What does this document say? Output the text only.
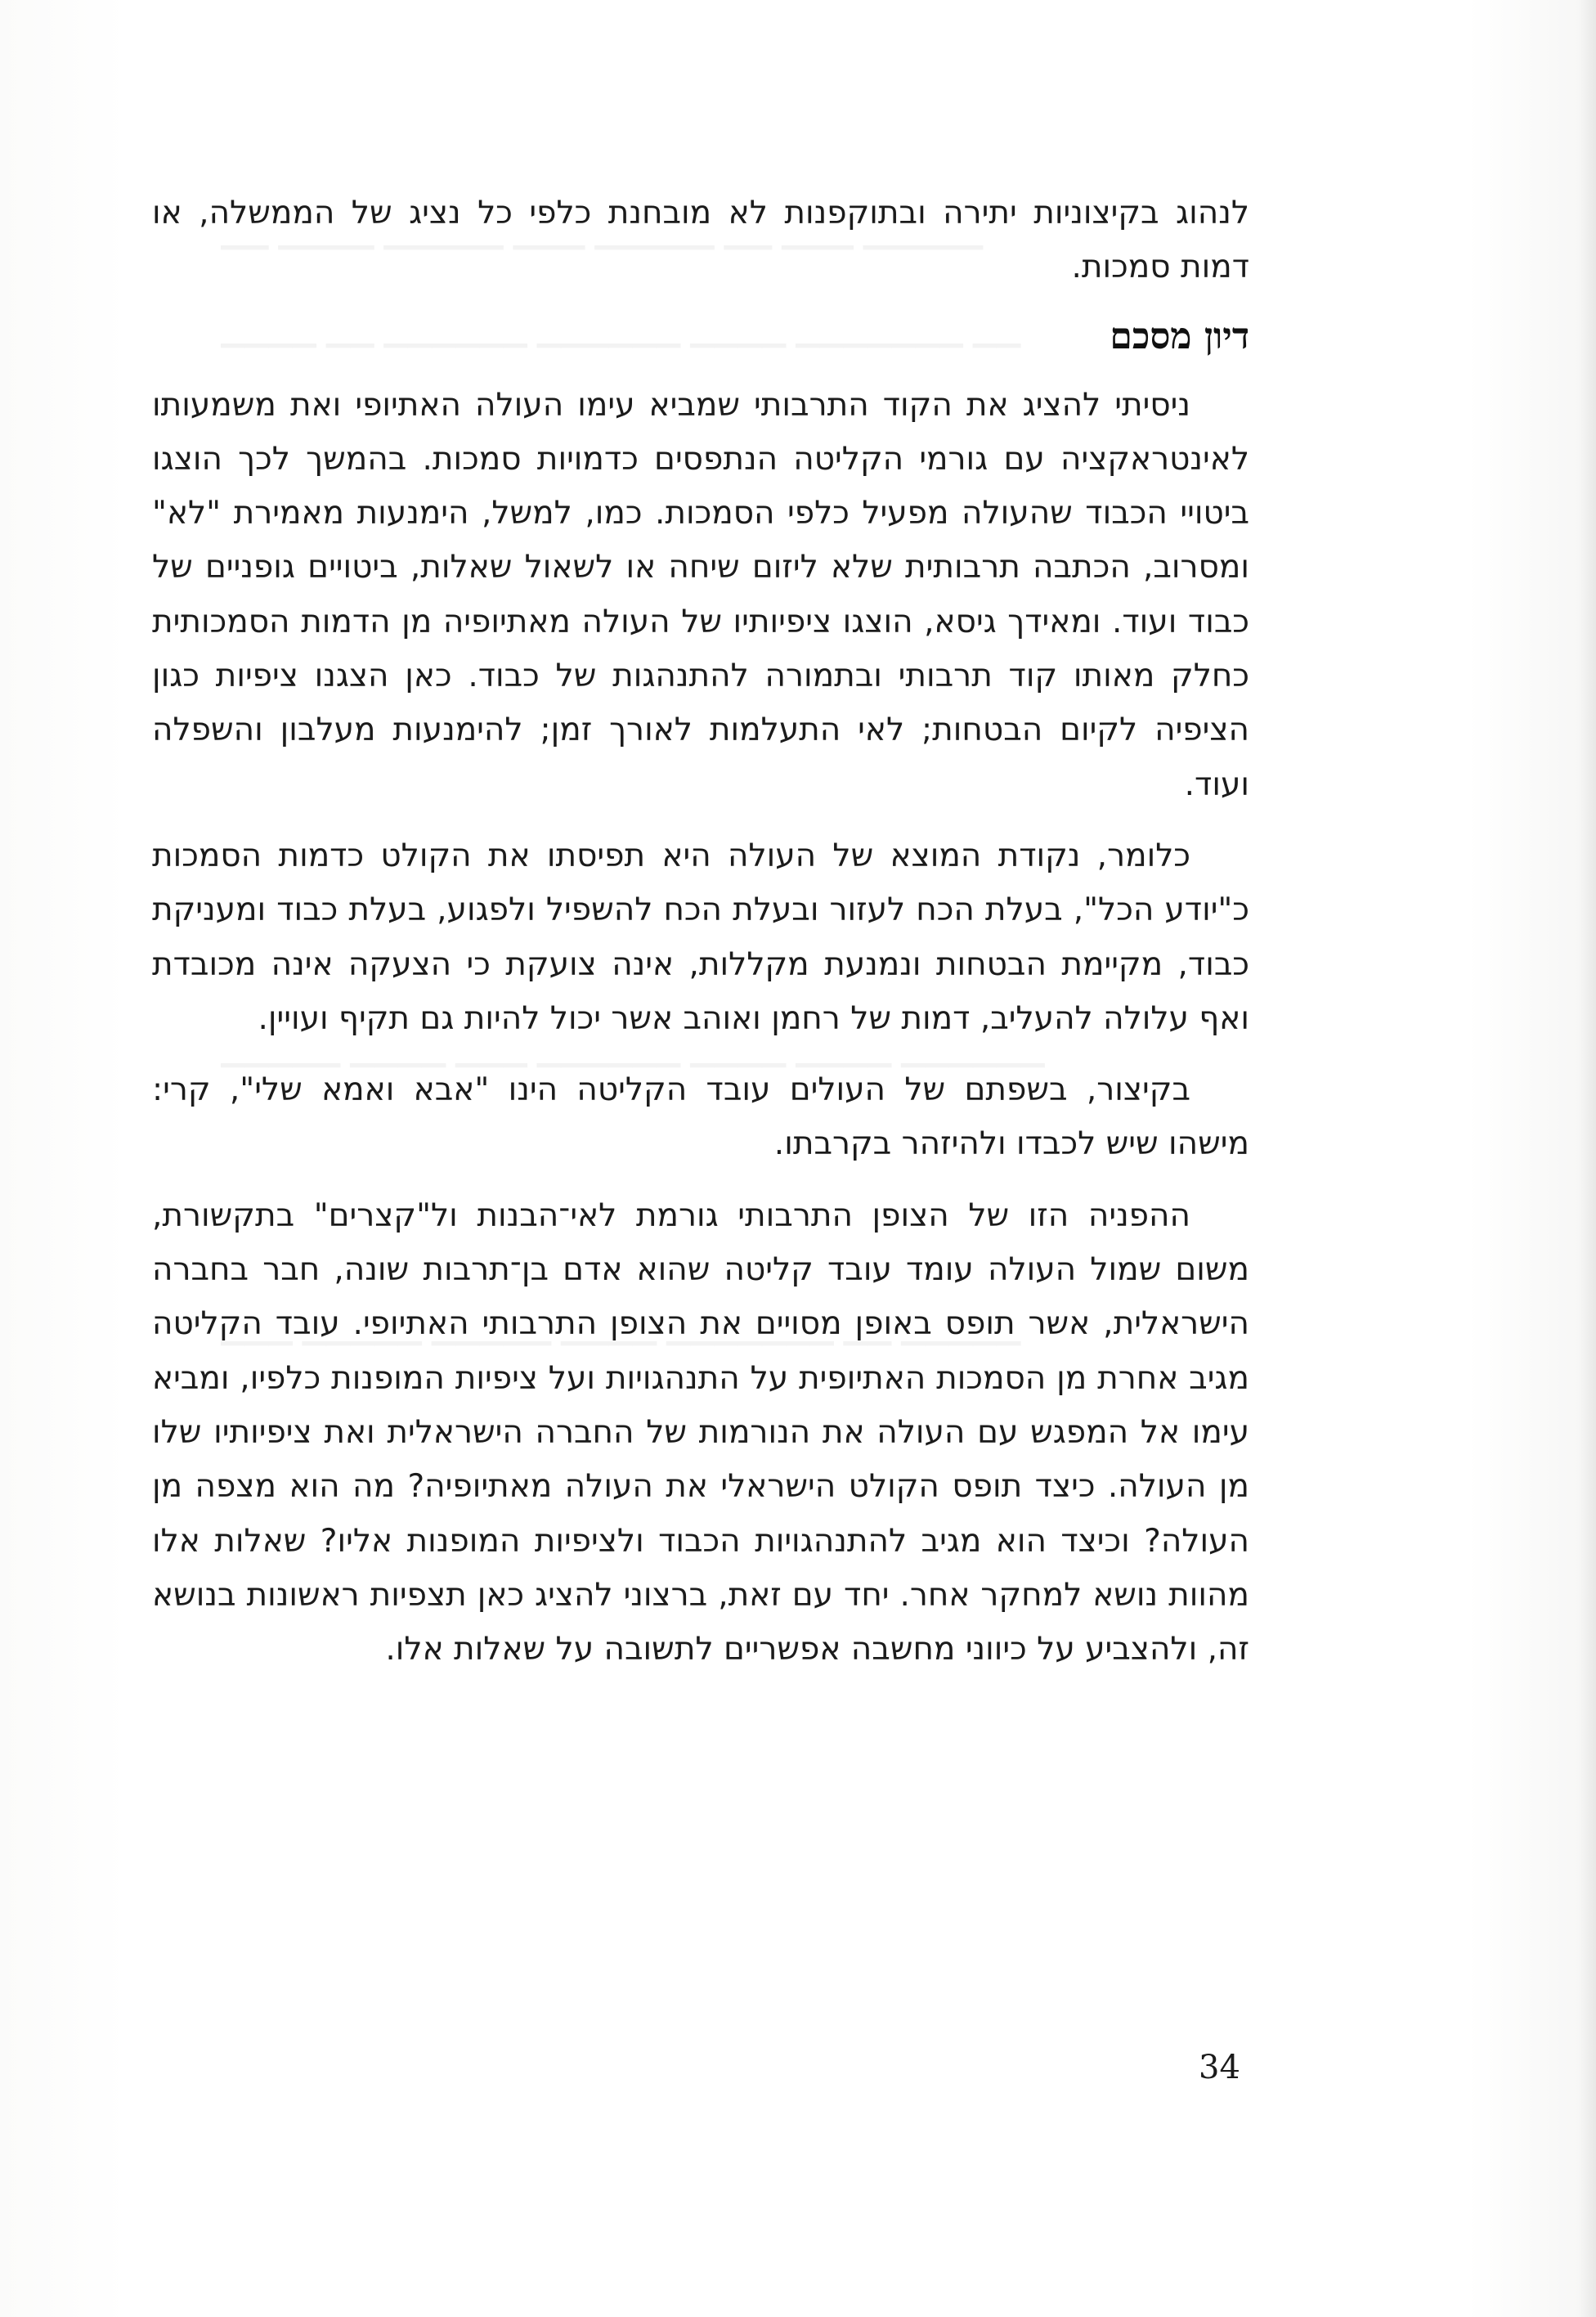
לנהוג בקיצוניות יתירה ובתוקפנות לא מובחנת כלפי כל נציג של הממשלה, או דמות סמכות.

דיון מסכם

ניסיתי להציג את הקוד התרבותי שמביא עימו העולה האתיופי ואת משמעותו לאינטראקציה עם גורמי הקליטה הנתפסים כדמויות סמכות. בהמשך לכך הוצגו ביטויי הכבוד שהעולה מפעיל כלפי הסמכות. כמו, למשל, הימנעות מאמירת "לא" ומסרוב, הכתבה תרבותית שלא ליזום שיחה או לשאול שאלות, ביטויים גופניים של כבוד ועוד. ומאידך גיסא, הוצגו ציפיותיו של העולה מאתיופיה מן הדמות הסמכותית כחלק מאותו קוד תרבותי ובתמורה להתנהגות של כבוד. כאן הצגנו ציפיות כגון הציפיה לקיום הבטחות; לאי התעלמות לאורך זמן; להימנעות מעלבון והשפלה ועוד.

כלומר, נקודת המוצא של העולה היא תפיסתו את הקולט כדמות הסמכות כ"יודע הכל", בעלת הכח לעזור ובעלת הכח להשפיל ולפגוע, בעלת כבוד ומעניקת כבוד, מקיימת הבטחות ונמנעת מקללות, אינה צועקת כי הצעקה אינה מכובדת ואף עלולה להעליב, דמות של רחמן ואוהב אשר יכול להיות גם תקיף ועויין.

בקיצור, בשפתם של העולים עובד הקליטה הינו "אבא ואמא שלי", קרי: מישהו שיש לכבדו ולהיזהר בקרבתו.

ההפניה הזו של הצופן התרבותי גורמת לאי־הבנות ול"קצרים" בתקשורת, משום שמול העולה עומד עובד קליטה שהוא אדם בן־תרבות שונה, חבר בחברה הישראלית, אשר תופס באופן מסויים את הצופן התרבותי האתיופי. עובד הקליטה מגיב אחרת מן הסמכות האתיופית על התנהגויות ועל ציפיות המופנות כלפיו, ומביא עימו אל המפגש עם העולה את הנורמות של החברה הישראלית ואת ציפיותיו שלו מן העולה. כיצד תופס הקולט הישראלי את העולה מאתיופיה? מה הוא מצפה מן העולה? וכיצד הוא מגיב להתנהגויות הכבוד ולציפיות המופנות אליו? שאלות אלו מהוות נושא למחקר אחר. יחד עם זאת, ברצוני להציג כאן תצפיות ראשונות בנושא זה, ולהצביע על כיווני מחשבה אפשריים לתשובה על שאלות אלו.

34
